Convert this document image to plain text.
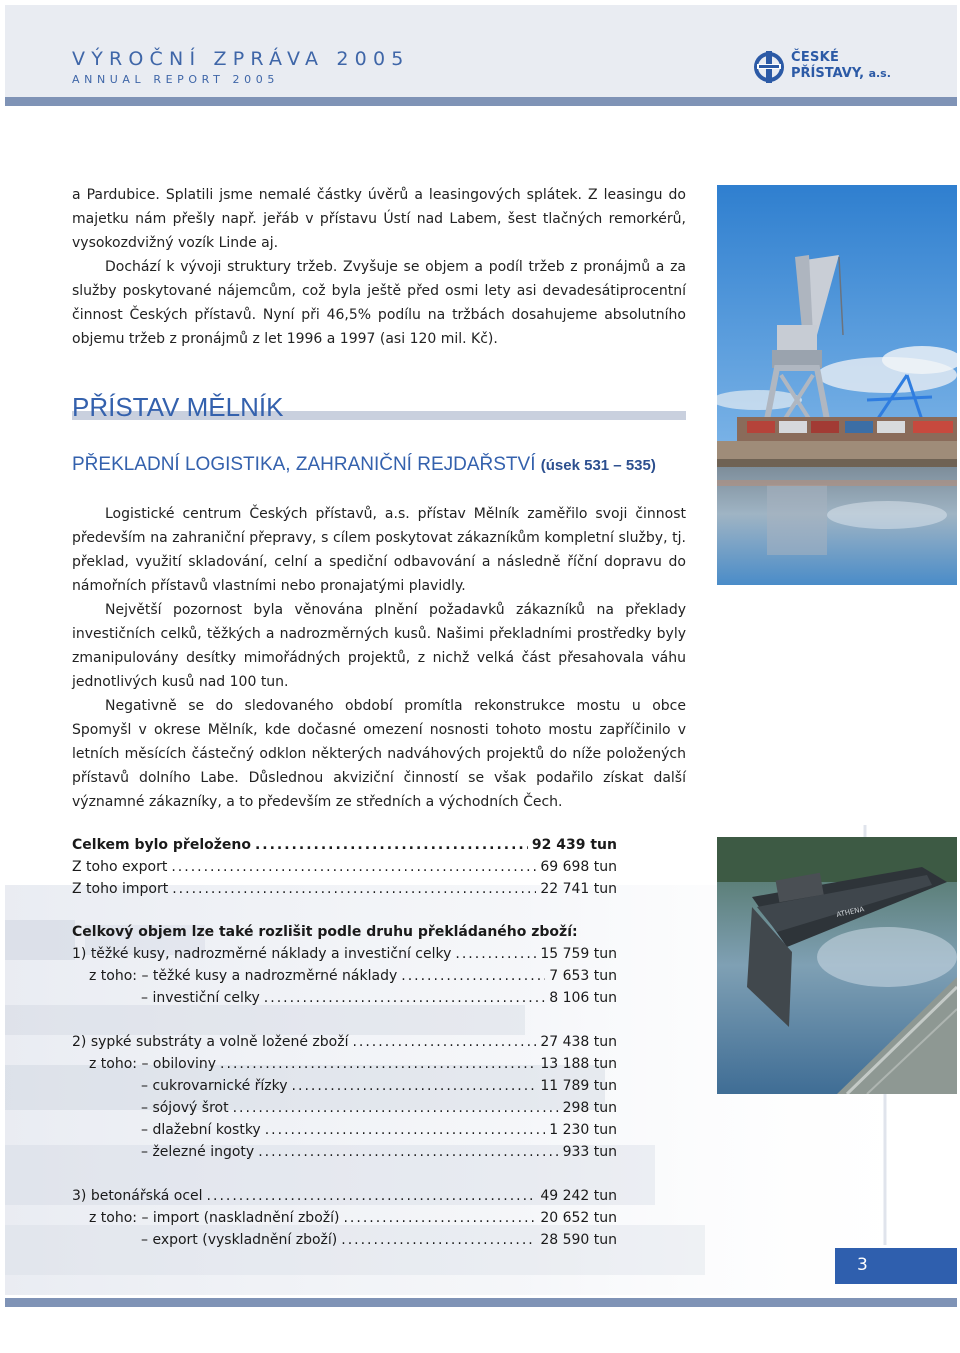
VÝROČNÍ ZPRÁVA 2005
ANNUAL REPORT 2005
ČESKÉ
PŘÍSTAVY, a.s.

a Pardubice. Splatili jsme nemalé částky úvěrů a leasingových splátek. Z leasingu do majetku nám přešly např. jeřáb v přístavu Ústí nad Labem, šest tlačných remorkérů, vysokozdvižný vozík Linde aj.

Dochází k vývoji struktury tržeb. Zvyšuje se objem a podíl tržeb z pronájmů a za služby poskytované nájemcům, což byla ještě před osmi lety asi devadesátiprocentní činnost Českých přístavů. Nyní při 46,5% podílu na tržbách dosahujeme absolutního objemu tržeb z pronájmů z let 1996 a 1997 (asi 120 mil. Kč).

PŘÍSTAV MĚLNÍK
PŘEKLADNÍ LOGISTIKA, ZAHRANIČNÍ REJDAŘSTVÍ (úsek 531 – 535)

Logistické centrum Českých přístavů, a.s. přístav Mělník zaměřilo svoji činnost především na zahraniční přepravy, s cílem poskytovat zákazníkům kompletní služby, tj. překlad, využití skladování, celní a spediční odbavování a následně říční dopravu do námořních přístavů vlastními nebo pronajatými plavidly.

Největší pozornost byla věnována plnění požadavků zákazníků na překlady investičních celků, těžkých a nadrozměrných kusů. Našimi překladními prostředky byly zmanipulovány desítky mimořádných projektů, z nichž velká část přesahovala váhu jednotlivých kusů nad 100 tun.

Negativně se do sledovaného období promítla rekonstrukce mostu u obce Spomyšl v okrese Mělník, kde dočasné omezení nosnosti tohoto mostu zapříčinilo v letních měsících částečný odklon některých nadváhových projektů do níže položených přístavů dolního Labe. Důslednou akviziční činností se však podařilo získat další významné zákazníky, a to především ze středních a východních Čech.

Celkem bylo přeloženo .....	92 439 tun
Z toho export .....	69 698 tun
Z toho import .....	22 741 tun
Celkový objem lze také rozlišit podle druhu překládaného zboží:
1) těžké kusy, nadrozměrné náklady a investiční celky .....	15 759 tun
z toho: – těžké kusy a nadrozměrné náklady .....	7 653 tun
– investiční celky .....	8 106 tun
2) sypké substráty a volně ložené zboží .....	27 438 tun
z toho: – obiloviny .....	13 188 tun
– cukrovarnické řízky .....	11 789 tun
– sójový šrot .....	298 tun
– dlažební kostky .....	1 230 tun
– železné ingoty .....	933 tun
3) betonářská ocel .....	49 242 tun
z toho: – import (naskladnění zboží) .....	20 652 tun
– export (vyskladnění zboží) .....	28 590 tun
ATHENA
3
